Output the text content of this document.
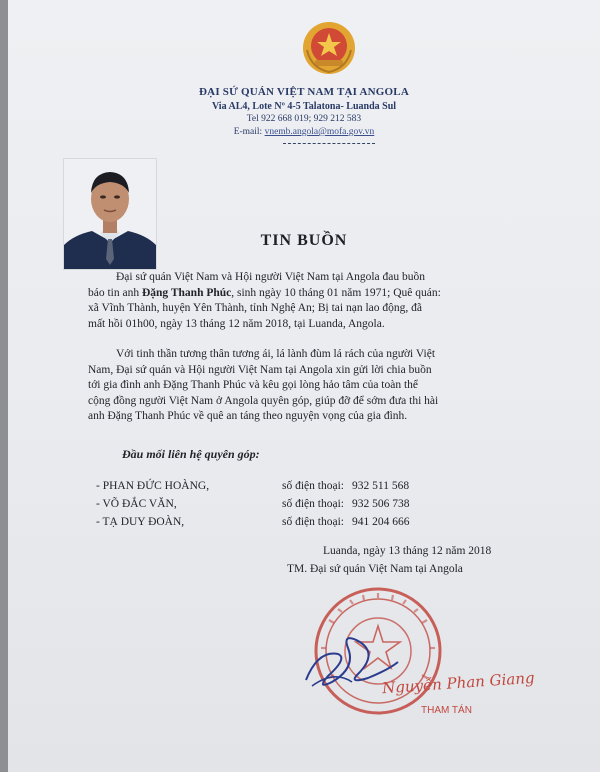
ĐẠI SỨ QUÁN VIỆT NAM TẠI ANGOLA
Via AL4, Lote Nº 4-5 Talatona- Luanda Sul
Tel 922 668 019; 929 212 583
E-mail: vnemb.angola@mofa.gov.vn
TIN BUỒN
Đại sứ quán Việt Nam và Hội người Việt Nam tại Angola đau buồn
báo tin anh Đặng Thanh Phúc, sinh ngày 10 tháng 01 năm 1971; Quê quán:
xã Vĩnh Thành, huyện Yên Thành, tỉnh Nghệ An; Bị tai nạn lao động, đã
mất hồi 01h00, ngày 13 tháng 12 năm 2018, tại Luanda, Angola.
Với tinh thần tương thân tương ái, lá lành đùm lá rách của người Việt
Nam, Đại sứ quán và Hội người Việt Nam tại Angola xin gửi lời chia buồn
tới gia đình anh Đặng Thanh Phúc và kêu gọi lòng hảo tâm của toàn thể
cộng đồng người Việt Nam ở Angola quyên góp, giúp đỡ để sớm đưa thi hài
anh Đặng Thanh Phúc về quê an táng theo nguyện vọng của gia đình.
Đầu mối liên hệ quyên góp:
- PHAN ĐỨC HOÀNG,	số điện thoại: 932 511 568
- VÕ ĐẮC VĂN,	số điện thoại: 932 506 738
- TẠ DUY ĐOÀN,	số điện thoại: 941 204 666
Luanda, ngày 13 tháng 12 năm 2018
TM. Đại sứ quán Việt Nam tại Angola
Nguyễn Phan Giang
THAM TÁN
